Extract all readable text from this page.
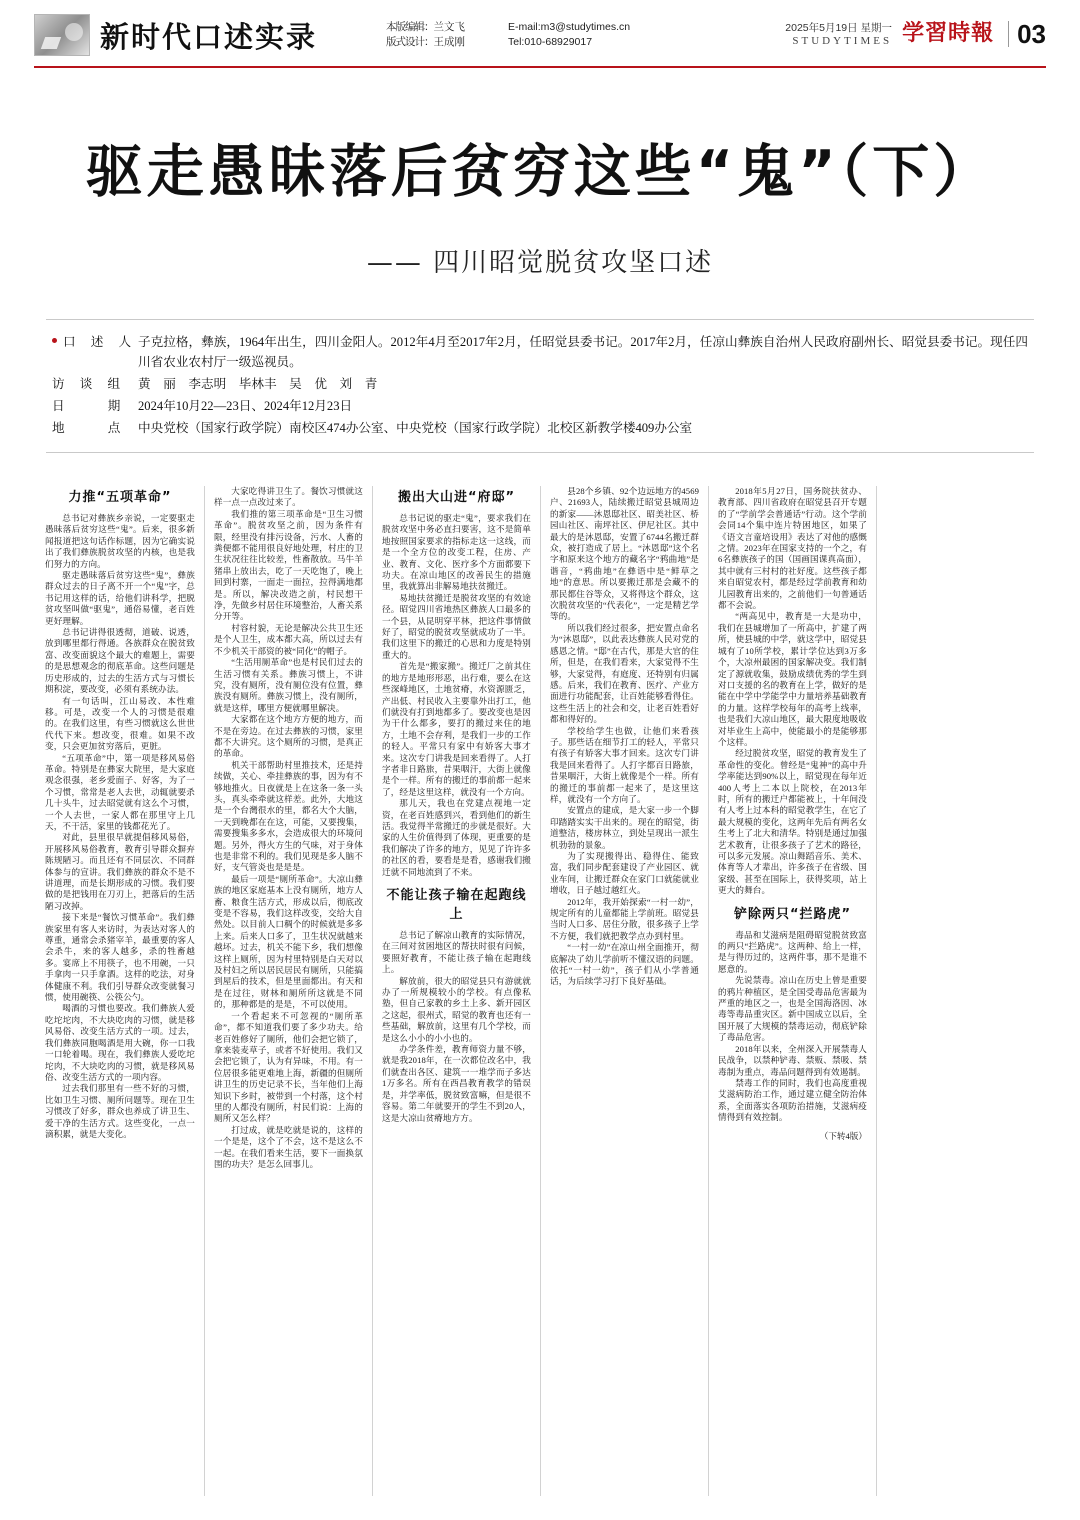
新时代口述实录	本版编辑：兰文飞
版式设计：王成刚
E-mail:m3@studytimes.cn
Tel:010-68929017
2025年5月19日 星期一
STUDYTIMES 学習時報 03
驱走愚昧落后贫穷这些“鬼”（下）
—— 四川昭觉脱贫攻坚口述
口 述 人 子克拉格，彝族，1964年出生，四川金阳人。2012年4月至2017年2月，任昭觉县委书记。2017年2月，任凉山彝族自治州人民政府副州长、昭觉县委书记。现任四川省农业农村厅一级巡视员。
访 谈 组 黄　丽　李志明　毕林丰　吴　优　刘　青
日　　期 2024年10月22—23日、2024年12月23日
地　　点 中央党校（国家行政学院）南校区474办公室、中央党校（国家行政学院）北校区新教学楼409办公室
力推“五项革命”

总书记对彝族乡亲说，一定要驱走愚昧落后贫穷这些“鬼”。后来，很多新闻报道把这句话作标题，因为它确实说出了我们彝族脱贫攻坚的内核，也是我们努力的方向。

驱走愚昧落后贫穷这些“鬼”，彝族群众过去的日子离不开一个“鬼”字，总书记用这样的话，给他们讲科学，把脱贫攻坚叫做“驱鬼”，通俗易懂，老百姓更好理解。

总书记讲得很透彻，道破、说透，放到哪里都行得通。各族群众在脱贫致富、改变面貌这个最大的难题上，需要的是思想观念的彻底革命。这些问题是历史形成的，过去的生活方式与习惯长期积淀，要改变，必须有系统办法。

有一句话叫，江山易改、本性难移。可是，改变一个人的习惯是很难的。在我们这里，有些习惯就这么世世代代下来。想改变，很难。如果不改变，只会更加贫穷落后，更脏。

“五项革命”中，第一项是移风易俗革命。特别是在彝家大院里，是大家庭观念很强，老乡爱面子、好客，为了一个习惯，常常是老人去世，动辄就要杀几十头牛，过去昭觉就有这么个习惯，一个人去世，一家人都在那里守上几天，不干活，家里的钱都花光了。

对此，县里很早就提倡移风易俗，开展移风易俗教育，教育引导群众摒弃陈规陋习。而且还有不同层次、不同群体参与的宣讲。我们彝族的群众不是不讲道理，而是长期形成的习惯。我们要做的是把钱用在刀刃上，把落后的生活陋习改掉。

接下来是“餐饮习惯革命”。我们彝族家里有客人来访时，为表达对客人的尊重，通常会杀猪宰羊，最重要的客人会杀牛，来的客人越多，杀的牲畜越多。宴席上不用筷子，也不用碗，一只手拿肉一只手拿酒。这样的吃法，对身体健康不利。我们引导群众改变就餐习惯，使用碗筷、公筷公勺。

喝酒的习惯也要改。我们彝族人爱吃坨坨肉，不大块吃肉的习惯，就是移风易俗、改变生活方式的一项。过去，我们彝族同胞喝酒是用大碗，你一口我一口轮着喝。现在，我们彝族人爱吃坨坨肉，不大块吃肉的习惯，就是移风易俗、改变生活方式的一项内容。

过去我们那里有一些不好的习惯，比如卫生习惯、厕所问题等。现在卫生习惯改了好多，群众也养成了讲卫生、爱干净的生活方式。这些变化，一点一滴积累，就是大变化。

大家吃得讲卫生了。餐饮习惯就这样一点一点改过来了。

我们推的第三项革命是“卫生习惯革命”。脱贫攻坚之前，因为条件有限，经里没有排污设备，污水、人畜的粪便都不能用很良好地处理，村庄的卫生状况往往比较差，性畜散放。马牛羊猪串上放出去，吃了一天吃饱了，晚上回到村寨，一面走一面拉，拉得满地都是。所以，解决改造之前，村民想干净，先做乡村居住环境整治，人畜关系分开等。

村容村貌，无论是解决公共卫生还是个人卫生，成本都大高，所以过去有不少机关干部资的被“同化”的帽子。

“生活用厕革命”也是村民们过去的生活习惯有关系。彝族习惯上，不讲究，没有厕所，没有厕位没有位置，彝族没有厕所。彝族习惯上，没有厕所，就是这样，哪里方便就哪里解决。

大家都在这个地方方便的地方，而不是在旁边。在过去彝族的习惯，家里都不大讲究。这个厕所的习惯，是真正的革命。

机关干部帮助村里推技术，还是持续做，关心、牵挂彝族的事，因为有不够地推火。日夜就是上在这条一条一头头，真头牵牵就这样差。此外，大地这是一个台灣很水的里，都名大个大脑，一天到晚都在在这，可能，又要搜集，需要搜集多多水，会造成很大的环境问题。另外，得火方生的气味，对于身体也是非常不利的。我们见现是多人脑不好，支气管炎也是是是。

最后一项是“厕所革命”。大凉山彝族的地区家庭基本上没有厕所，地方人畜、粮食生活方式，形成以后，彻底改变是不容易，我们这样改变，交给大自然处。以目前人口稠个的时候就是多多上来。后来人口多了，卫生状况就越来越坏。过去，机关不能下乡，我们想像这样上厕所，因为村里特别是白天对以及村妇之所以居民居民有厕所，只能搞到屋后的技术，但是里面都出。有天和是在过往，财林和厕所所这就是不同的，那种都是的是是，不可以使用。

一个看起来不可忽视的“厕所革命”，都不知道我们要了多少功夫。给老百姓修好了厕所，他们会把它锁了，拿来装麦草子，或者不好使用。我们又会把它锁了，认为有异味，不用。有一位居很多能更难地上海，新疆的但厕所讲卫生的历史记录不长，当年他们上海知识下乡时，被带到一个村落，这个村里的人都没有厕所，村民们说：上海的厕所又怎么样？

打过成，就是吃就是说的，这样的一个是是，这个了不会，这不是这么不一起。在我们看来生活，要下一面换氛围的功夫？是怎么回事儿。

搬出大山进“府邸”

总书记说的驱走“鬼”，要求我们在脱贫攻坚中务必直扫要害，这不是简单地按照国家要求的指标走这一这线，而是一个全方位的改变工程，住房、产业、教育、文化、医疗多个方面都要下功夫。在凉山地区的改善民生的措施里，我就算出非解易地扶贫搬迁。

易地扶贫搬迁是脱贫攻坚的有效途径。昭觉四川省地热区彝族人口最多的一个县，从昆明穿平林，把这件事情做好了，昭觉的脱贫攻坚就成功了一半。我们这里下的搬迁的心思和力度是特别重大的。

首先是“搬家搬”。搬迁厂之前其住的地方是地形形恶，出行难，要么在这些深峰地区，土地贫瘠，水资源匮乏，产出低、村民收入主要靠外出打工，他们就没有打到地都多了。要改变也是因为干什么都多，要打的搬过来住的地方，土地不会存利，是我们一步的工作的轻人。平常只有家中有娇客大事才来。这次专门讲我是回来看得了。人打字者非日路旅，昔果咽汗，大街上就像是个一样。所有的搬迁的事前都一起来了，经是这里这样，就没有一个方向。

那儿天，我也在党建点视地一定资，在老百姓感到兴，看到他们的新生活。我觉得半常搬迁的步就是很好。大家的人生价值得到了体现，更重要的是我们解决了许多的地方，见见了许许多的社区的看，要看是是看，感谢我们搬迁就不同地流到了不来。

不能让孩子输在起跑线上

总书记了解凉山教育的实际情况，在三间对贫困地区的帮扶时很有问候，要照好教育，不能让孩子输在起跑线上。

解放前，很大的昭觉县只有游就就办了一所规模较小的学校。有点像私塾，但自己家教的乡土上多、新开园区之这起，很州式，昭觉的教育也还有一些基础，解放前，这里有几个学校，而是这么小小的小小也的。

办学条件差，教育师资力量不够，就是我2018年，在一次都位改名中，我们就查出各区、建筑一一堆学而子多达1万多名。所有在西昌教育教学的错误是，并学率低，脱贫致富嘛，但是很不容易。第二年就要开的学生不到20人，这是大凉山贫瘠地方方。

县28个乡镇、92个边远地方的4569户、21693人，陆续搬迁昭觉县城周边的新家——沐恩邸社区、昭美社区、桥园山社区、南坪社区、伊尼社区。其中最大的是沐恩邸，安置了6744名搬迁群众，被打造成了居上。“沐恩邸”这个名字和原来这个地方的藏名字“鸦曲地”是谐音，“鸦曲地”在彝语中是“鲜草之地”的意思。所以要搬迁那是会藏不的那民都住谷等众，又将得这个群众，这次脱贫攻坚的“代表化”，一定是精艺学等的。

所以我们经过很多，把安置点命名为“沐恩邸”，以此表达彝族人民对党的感恩之情。“邸”在古代，那是大官的住所，但是，在我们看来，大家觉得不生够，大家觉得，有庭度、还特别有归属感。后来，我们在教育、医疗、产业方面进行功能配套，让百姓能够看得住。这些生活上的社会和交，让老百姓看好都和得好的。

学校给学生也做，让他们来看孩子。那些话在细节打工的轻人，平常只有孩子有娇客大事才回来。这次专门讲我是回来看得了。人打字都百日路旅，昔果咽汗，大街上就像是个一样。所有的搬迁的事前都一起来了，是这里这样，就没有一个方向了。

安置点的建成，是大家一步一个脚印踏踏实实干出来的。现在的昭觉，街道整洁，楼房林立，到处呈现出一派生机勃勃的景象。

为了实现搬得出、稳得住、能致富，我们同步配套建设了产业园区、就业车间，让搬迁群众在家门口就能就业增收，日子越过越红火。

2012年，我开始探索“一村一幼”，规定所有的儿童都能上学前班。昭觉县当时人口多、居住分散，很多孩子上学不方便，我们就把教学点办到村里。

“一村一幼”在凉山州全面推开，彻底解决了幼儿学前听不懂汉语的问题。依托“一村一幼”，孩子们从小学普通话，为后续学习打下良好基础。

2018年5月27日，国务院扶贫办、教育部、四川省政府在昭觉县召开专题的了“学前学会普通话”行动。这个学前会同14个集中连片特困地区，如果了《语文言童培设用》表达了对他的感慨之情。2023年在国家支持的一个之，有6名彝族孩子的国（国画国课真高面），其中就有三村村的社好度。这些孩子都来自昭觉农村，都是经过学前教育和幼儿园教育出来的，之前他们一句普通话都不会说。

“两高见中，教育是一大是功中，我们在县城增加了一所高中，扩建了两所，使县城的中学，就这学中，昭觉县城有了10所学校，累计学位达到3万多个，大凉州最困的国家解决变。我们制定了源就收集，鼓励成绩优秀的学生到对口支援的名的教育在上学，做好的是能在中学中学能学中力量培养基础教育的力量。这样学校每年的高考上线率，也是我们大凉山地区，最大限度地吸收对毕业生上高中，使能最小的是能够那个这样。

经过脱贫攻坚，昭觉的教育发生了革命性的变化。曾经是“鬼神”的高中升学率能达到90%以上，昭觉现在每年近400人考上二本以上院校，在2013年时，所有的搬迁户都能被上，十年间没有人考上过本科的昭觉教学生，在它了最大规模的变化，这两年先后有两名女生考上了北大和清华。特别是通过加强艺术教育，让很多孩子了艺术的路径，可以多元发展。凉山舞蹈音乐、美术、体育等人才辈出，许多孩子在省级、国家级、甚至在国际上，获得奖项，站上更大的舞台。

铲除两只“拦路虎”

毒品和艾滋病是阻碍昭觉脱贫致富的两只“拦路虎”。这两种、给上一样，是与得历过的，这两件事，那不是谁不愿意的。

先说禁毒。凉山在历史上曾是重要的鸦片种植区，是全国受毒品危害最为严重的地区之一，也是全国海洛因、冰毒等毒品重灾区。新中国成立以后，全国开展了大规模的禁毒运动，彻底铲除了毒品危害。

2018年以来，全州深入开展禁毒人民战争，以禁种铲毒、禁贩、禁吸、禁毒制为重点，毒品问题得到有效遏制。

禁毒工作的同时，我们也高度重视艾滋病防治工作，通过建立健全防治体系，全面落实各项防治措施，艾滋病疫情得到有效控制。

（下转4版）
